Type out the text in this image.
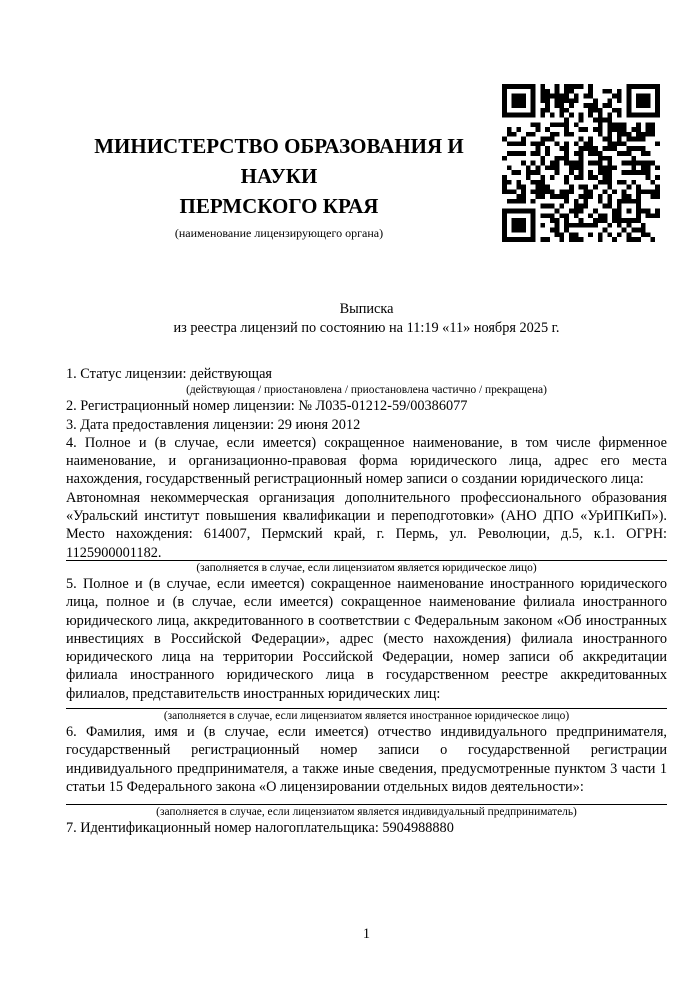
МИНИСТЕРСТВО ОБРАЗОВАНИЯ И НАУКИ
ПЕРМСКОГО КРАЯ

(наименование лицензирующего органа)
Выписка
из реестра лицензий по состоянию на 11:19 «11» ноября 2025 г.

1. Статус лицензии: действующая

(действующая / приостановлена / приостановлена частично / прекращена)

2. Регистрационный номер лицензии: № Л035-01212-59/00386077

3. Дата предоставления лицензии: 29 июня 2012

4. Полное и (в случае, если имеется) сокращенное наименование, в том числе фирменное наименование, и организационно-правовая форма юридического лица, адрес его места нахождения, государственный регистрационный номер записи о создании юридического лица:

Автономная некоммерческая организация дополнительного профессионального образования «Уральский институт повышения квалификации и переподготовки» (АНО ДПО «УрИПКиП»). Место нахождения: 614007, Пермский край, г. Пермь, ул. Революции, д.5, к.1. ОГРН: 1125900001182.

(заполняется в случае, если лицензиатом является юридическое лицо)

5. Полное и (в случае, если имеется) сокращенное наименование иностранного юридического лица, полное и (в случае, если имеется) сокращенное наименование филиала иностранного юридического лица, аккредитованного в соответствии с Федеральным законом «Об иностранных инвестициях в Российской Федерации», адрес (место нахождения) филиала иностранного юридического лица на территории Российской Федерации, номер записи об аккредитации филиала иностранного юридического лица в государственном реестре аккредитованных филиалов, представительств иностранных юридических лиц:

(заполняется в случае, если лицензиатом является иностранное юридическое лицо)

6. Фамилия, имя и (в случае, если имеется) отчество индивидуального предпринимателя, государственный регистрационный номер записи о государственной регистрации индивидуального предпринимателя, а также иные сведения, предусмотренные пунктом 3 части 1 статьи 15 Федерального закона «О лицензировании отдельных видов деятельности»:

(заполняется в случае, если лицензиатом является индивидуальный предприниматель)

7. Идентификационный номер налогоплательщика: 5904988880

1
